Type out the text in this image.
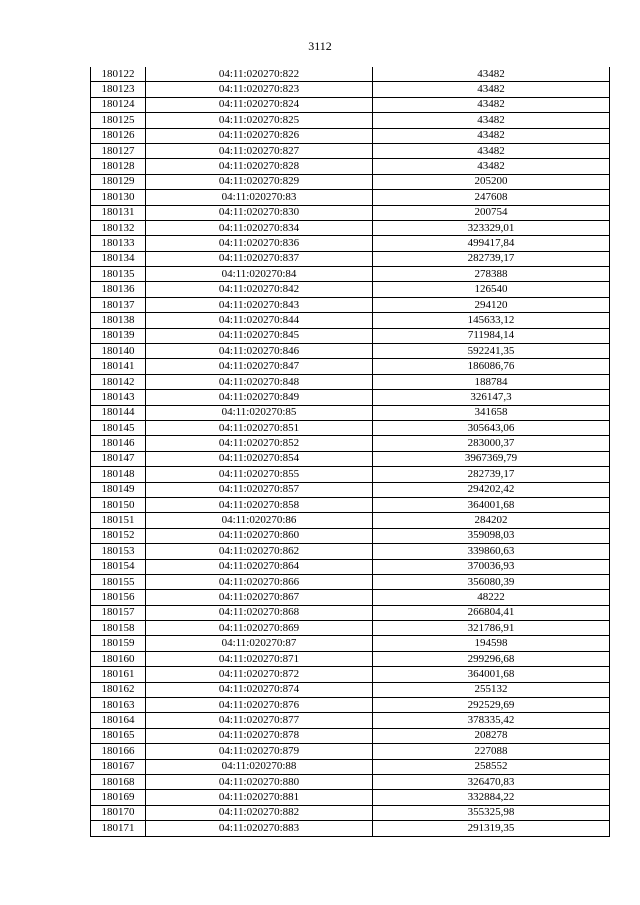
3112
180122	04:11:020270:822	43482
180123	04:11:020270:823	43482
180124	04:11:020270:824	43482
180125	04:11:020270:825	43482
180126	04:11:020270:826	43482
180127	04:11:020270:827	43482
180128	04:11:020270:828	43482
180129	04:11:020270:829	205200
180130	04:11:020270:83	247608
180131	04:11:020270:830	200754
180132	04:11:020270:834	323329,01
180133	04:11:020270:836	499417,84
180134	04:11:020270:837	282739,17
180135	04:11:020270:84	278388
180136	04:11:020270:842	126540
180137	04:11:020270:843	294120
180138	04:11:020270:844	145633,12
180139	04:11:020270:845	711984,14
180140	04:11:020270:846	592241,35
180141	04:11:020270:847	186086,76
180142	04:11:020270:848	188784
180143	04:11:020270:849	326147,3
180144	04:11:020270:85	341658
180145	04:11:020270:851	305643,06
180146	04:11:020270:852	283000,37
180147	04:11:020270:854	3967369,79
180148	04:11:020270:855	282739,17
180149	04:11:020270:857	294202,42
180150	04:11:020270:858	364001,68
180151	04:11:020270:86	284202
180152	04:11:020270:860	359098,03
180153	04:11:020270:862	339860,63
180154	04:11:020270:864	370036,93
180155	04:11:020270:866	356080,39
180156	04:11:020270:867	48222
180157	04:11:020270:868	266804,41
180158	04:11:020270:869	321786,91
180159	04:11:020270:87	194598
180160	04:11:020270:871	299296,68
180161	04:11:020270:872	364001,68
180162	04:11:020270:874	255132
180163	04:11:020270:876	292529,69
180164	04:11:020270:877	378335,42
180165	04:11:020270:878	208278
180166	04:11:020270:879	227088
180167	04:11:020270:88	258552
180168	04:11:020270:880	326470,83
180169	04:11:020270:881	332884,22
180170	04:11:020270:882	355325,98
180171	04:11:020270:883	291319,35
